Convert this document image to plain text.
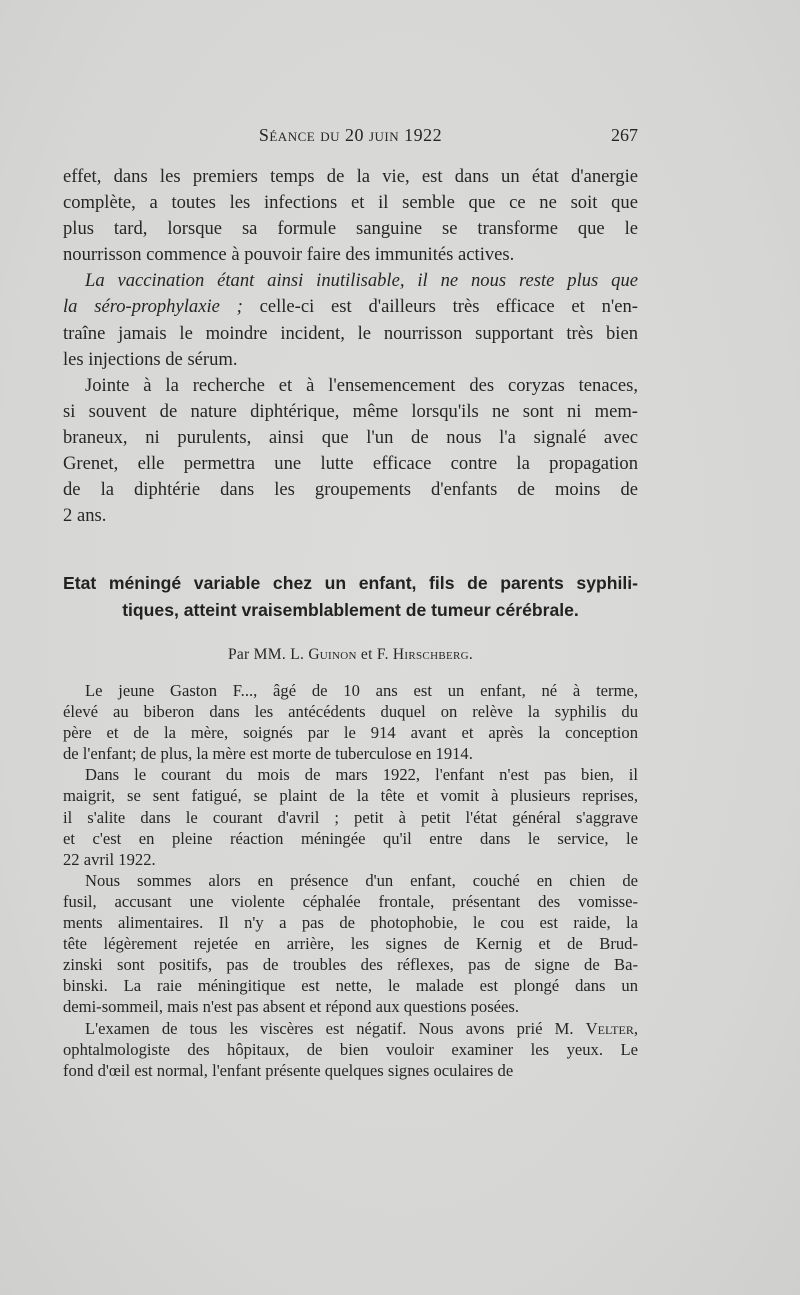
Séance du 20 juin 1922	267
effet, dans les premiers temps de la vie, est dans un état d'anergie
complète, a toutes les infections et il semble que ce ne soit que
plus tard, lorsque sa formule sanguine se transforme que le
nourrisson commence à pouvoir faire des immunités actives.
La vaccination étant ainsi inutilisable, il ne nous reste plus que
la séro-prophylaxie ; celle-ci est d'ailleurs très efficace et n'en-
traîne jamais le moindre incident, le nourrisson supportant très bien
les injections de sérum.
Jointe à la recherche et à l'ensemencement des coryzas tenaces,
si souvent de nature diphtérique, même lorsqu'ils ne sont ni mem-
braneux, ni purulents, ainsi que l'un de nous l'a signalé avec
Grenet, elle permettra une lutte efficace contre la propagation
de la diphtérie dans les groupements d'enfants de moins de
2 ans.
Etat méningé variable chez un enfant, fils de parents syphili-
tiques, atteint vraisemblablement de tumeur cérébrale.
Par MM. L. Guinon et F. Hirschberg.
Le jeune Gaston F..., âgé de 10 ans est un enfant, né à terme,
élevé au biberon dans les antécédents duquel on relève la syphilis du
père et de la mère, soignés par le 914 avant et après la conception
de l'enfant; de plus, la mère est morte de tuberculose en 1914.
Dans le courant du mois de mars 1922, l'enfant n'est pas bien, il
maigrit, se sent fatigué, se plaint de la tête et vomit à plusieurs reprises,
il s'alite dans le courant d'avril ; petit à petit l'état général s'aggrave
et c'est en pleine réaction méningée qu'il entre dans le service, le
22 avril 1922.
Nous sommes alors en présence d'un enfant, couché en chien de
fusil, accusant une violente céphalée frontale, présentant des vomisse-
ments alimentaires. Il n'y a pas de photophobie, le cou est raide, la
tête légèrement rejetée en arrière, les signes de Kernig et de Brud-
zinski sont positifs, pas de troubles des réflexes, pas de signe de Ba-
binski. La raie méningitique est nette, le malade est plongé dans un
demi-sommeil, mais n'est pas absent et répond aux questions posées.
L'examen de tous les viscères est négatif. Nous avons prié M. Velter,
ophtalmologiste des hôpitaux, de bien vouloir examiner les yeux. Le
fond d'œil est normal, l'enfant présente quelques signes oculaires de
